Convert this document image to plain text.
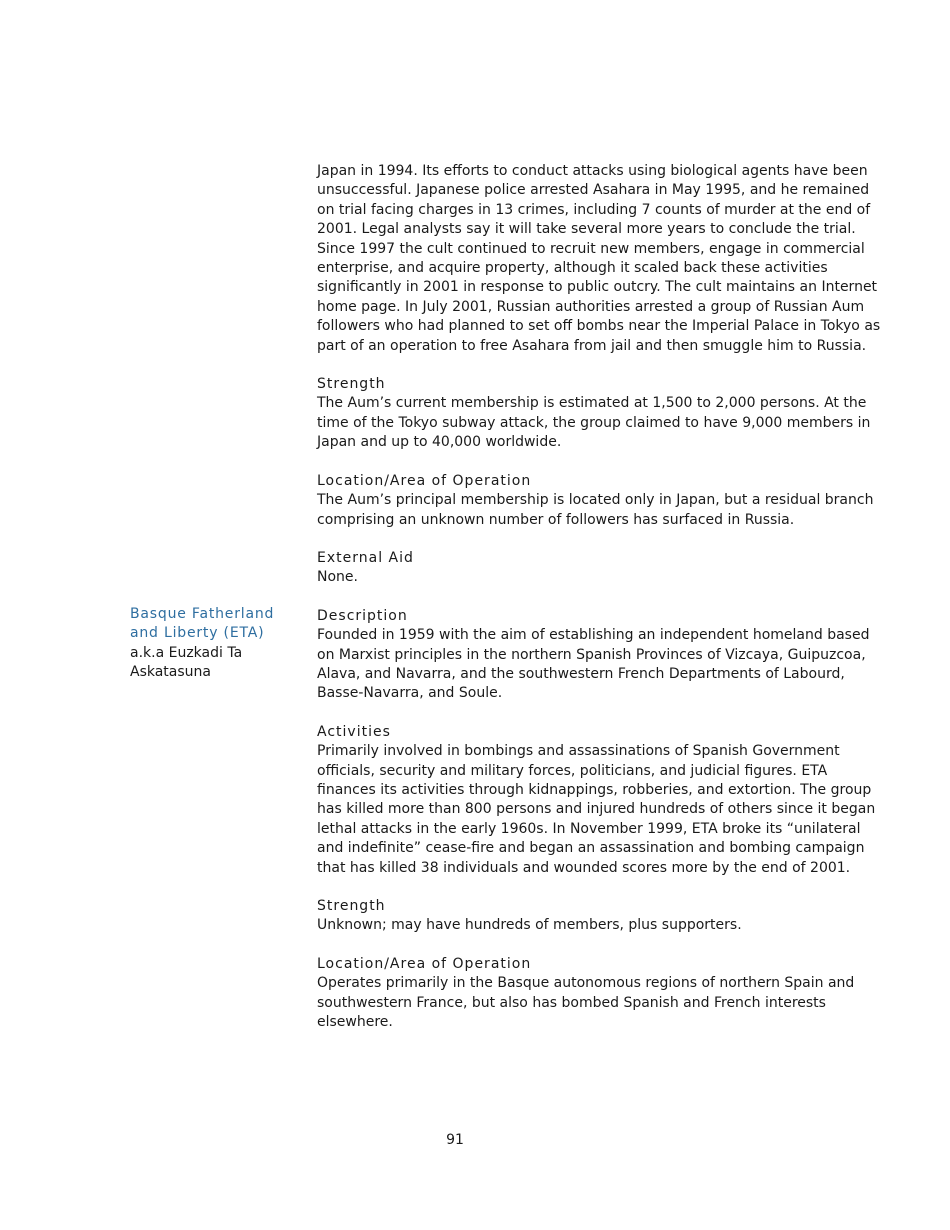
Japan in 1994. Its efforts to conduct attacks using biological agents have been unsuccessful. Japanese police arrested Asahara in May 1995, and he remained on trial facing charges in 13 crimes, including 7 counts of murder at the end of 2001. Legal analysts say it will take several more years to conclude the trial. Since 1997 the cult continued to recruit new members, engage in commercial enterprise, and acquire property, although it scaled back these activities significantly in 2001 in response to public outcry. The cult maintains an Internet home page. In July 2001, Russian authorities arrested a group of Russian Aum followers who had planned to set off bombs near the Imperial Palace in Tokyo as part of an operation to free Asahara from jail and then smuggle him to Russia.

Strength

The Aum’s current membership is estimated at 1,500 to 2,000 persons. At the time of the Tokyo subway attack, the group claimed to have 9,000 members in Japan and up to 40,000 worldwide.

Location/Area of Operation

The Aum’s principal membership is located only in Japan, but a residual branch comprising an unknown number of followers has surfaced in Russia.

External Aid

None.

Description

Founded in 1959 with the aim of establishing an independent homeland based on Marxist principles in the northern Spanish Provinces of Vizcaya, Guipuzcoa, Alava, and Navarra, and the southwestern French Departments of Labourd, Basse-Navarra, and Soule.

Activities

Primarily involved in bombings and assassinations of Spanish Government officials, security and military forces, politicians, and judicial figures. ETA finances its activities through kidnappings, robberies, and extortion. The group has killed more than 800 persons and injured hundreds of others since it began lethal attacks in the early 1960s. In November 1999, ETA broke its “unilateral and indefinite” cease-fire and began an assassination and bombing campaign that has killed 38 individuals and wounded scores more by the end of 2001.

Strength

Unknown; may have hundreds of members, plus supporters.

Location/Area of Operation

Operates primarily in the Basque autonomous regions of northern Spain and southwestern France, but also has bombed Spanish and French interests elsewhere.

Basque Fatherland

and Liberty (ETA)

a.k.a Euzkadi Ta

Askatasuna

91
